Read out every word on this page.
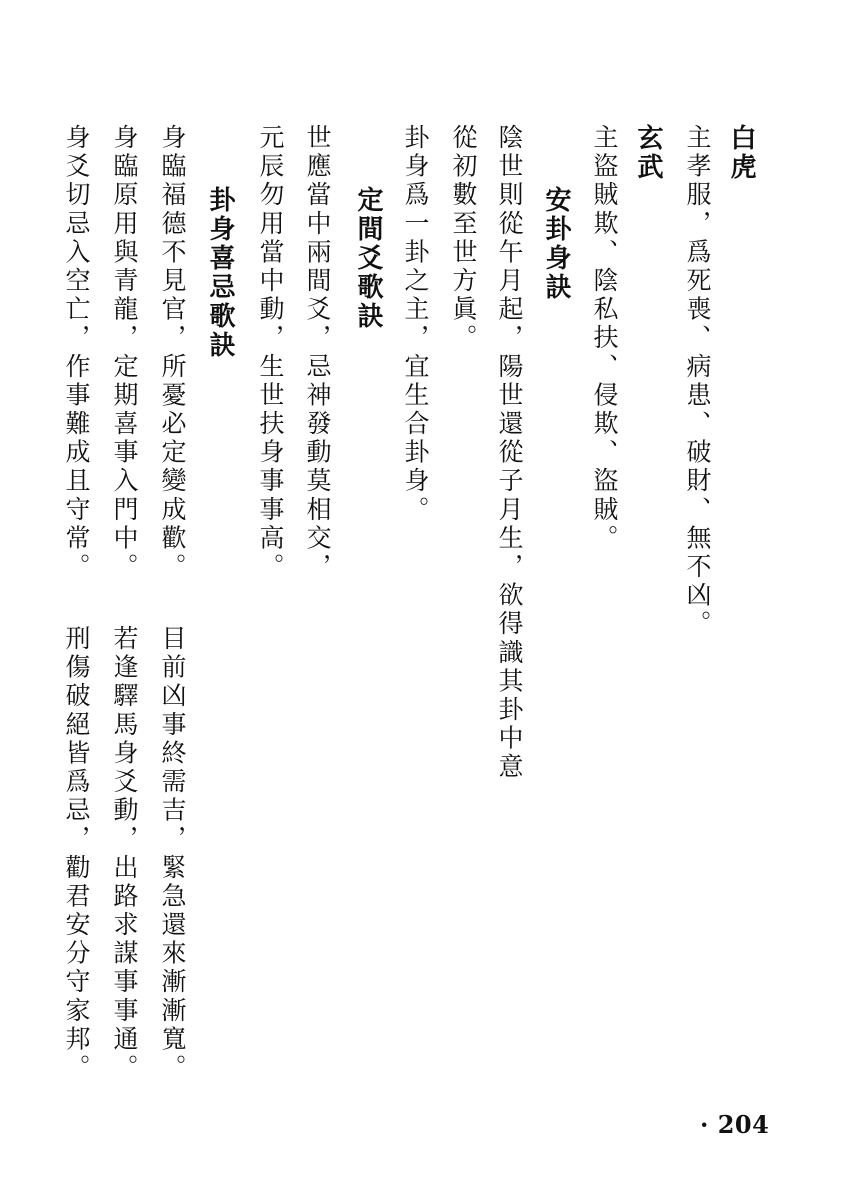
白虎
主孝服，爲死喪、病患、破財、無不凶。
玄武
主盜賊欺、陰私扶、侵欺、盜賊。
安卦身訣
陰世則從午月起，陽世還從子月生，欲得識其卦中意
從初數至世方眞。
卦身爲一卦之主，宜生合卦身。
定間爻歌訣
世應當中兩間爻，忌神發動莫相交，
元辰勿用當中動，生世扶身事事高。
卦身喜忌歌訣
身臨福德不見官，所憂必定變成歡。
目前凶事終需吉，緊急還來漸漸寬。
身臨原用與青龍，定期喜事入門中。
若逢驛馬身爻動，出路求謀事事通。
身爻切忌入空亡，作事難成且守常。
刑傷破絕皆爲忌，勸君安分守家邦。
· 204
